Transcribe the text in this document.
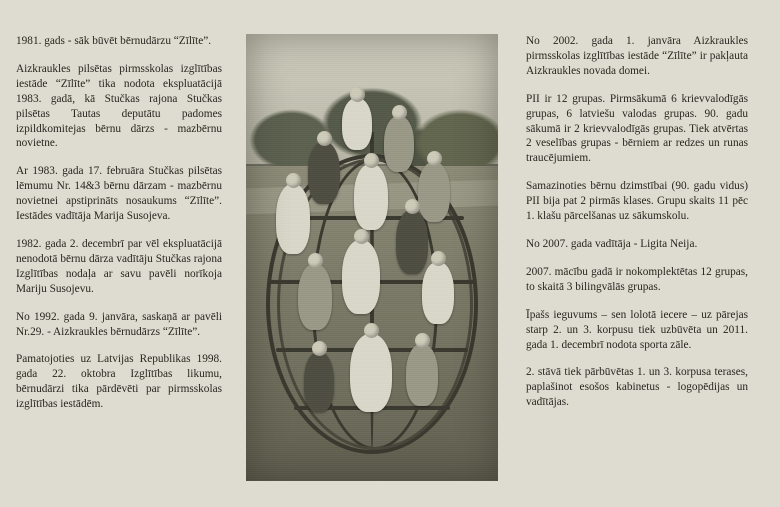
1981. gads - sāk būvēt bērnudārzu “Zīlīte”.

Aizkraukles pilsētas pirmsskolas izglītības iestāde “Zīlīte” tika nodota ekspluatācijā 1983. gadā, kā Stučkas rajona Stučkas pilsētas Tautas deputātu padomes izpildkomitejas bērnu dārzs - mazbērnu novietne.

Ar 1983. gada 17. februāra Stučkas pilsētas lēmumu Nr. 14&3 bērnu dārzam - mazbērnu novietnei apstiprināts nosaukums “Zīlīte”. Iestādes vadītāja Marija Susojeva.

1982. gada 2. decembrī par vēl ekspluatācijā nenodotā bērnu dārza vadītāju Stučkas rajona Izglītības nodaļa ar savu pavēli norīkoja Mariju Susojevu.

No 1992. gada 9. janvāra, saskaņā ar pavēli Nr.29. - Aizkraukles bērnudārzs “Zīlīte”.

Pamatojoties uz Latvijas Republikas 1998. gada 22. oktobra Izglītības likumu, bērnudārzi tika pārdēvēti par pirmsskolas izglītības iestādēm.

No 2002. gada 1. janvāra Aizkraukles pirmsskolas izglītības iestāde “Zīlīte” ir pakļauta Aizkraukles novada domei.

PII ir 12 grupas. Pirmsākumā 6 krievvalodīgās grupas, 6 latviešu valodas grupas. 90. gadu sākumā ir 2 krievvalodīgās grupas. Tiek atvērtas 2 veselības grupas - bērniem ar redzes un runas traucējumiem.

Samazinoties bērnu dzimstībai (90. gadu vidus) PII bija pat 2 pirmās klases. Grupu skaits 11 pēc 1. klašu pārcelšanas uz sākumskolu.

No 2007. gada vadītāja - Ligita Neija.

2007. mācību gadā ir nokomplektētas 12 grupas, to skaitā 3 bilingvālās grupas.

Īpašs ieguvums – sen lolotā iecere – uz pārejas starp 2. un 3. korpusu tiek uzbūvēta un 2011. gada 1. decembrī nodota sporta zāle.

2. stāvā tiek pārbūvētas 1. un 3. korpusa terases, paplašinot esošos kabinetus - logopēdijas un vadītājas.
